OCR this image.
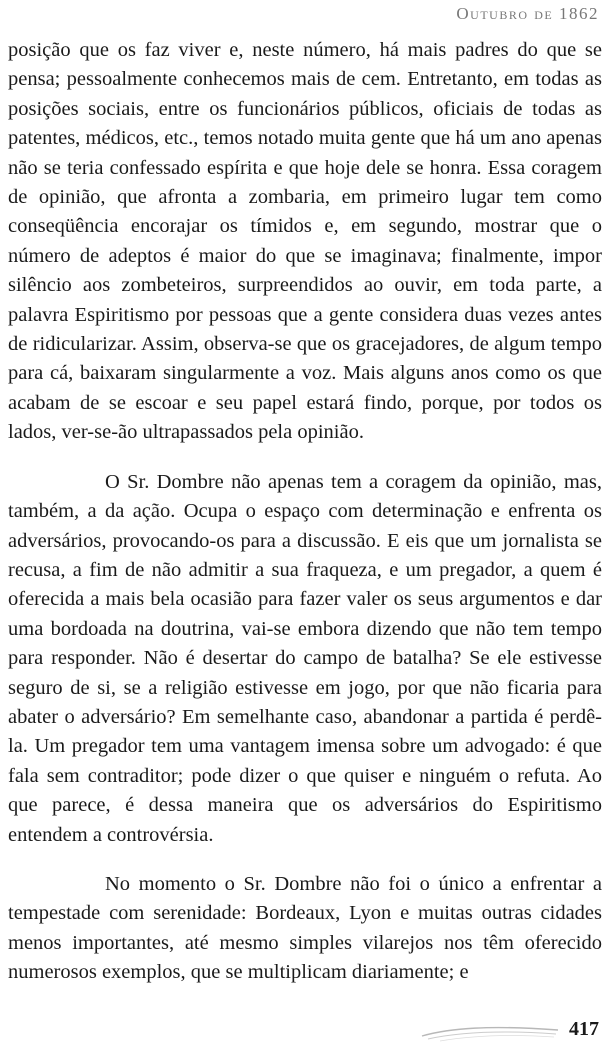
Outubro de 1862

posição que os faz viver e, neste número, há mais padres do que se pensa; pessoalmente conhecemos mais de cem. Entretanto, em todas as posições sociais, entre os funcionários públicos, oficiais de todas as patentes, médicos, etc., temos notado muita gente que há um ano apenas não se teria confessado espírita e que hoje dele se honra. Essa coragem de opinião, que afronta a zombaria, em primeiro lugar tem como conseqüência encorajar os tímidos e, em segundo, mostrar que o número de adeptos é maior do que se imaginava; finalmente, impor silêncio aos zombeteiros, surpreendidos ao ouvir, em toda parte, a palavra Espiritismo por pessoas que a gente considera duas vezes antes de ridicularizar. Assim, observa-se que os gracejadores, de algum tempo para cá, baixaram singularmente a voz. Mais alguns anos como os que acabam de se escoar e seu papel estará findo, porque, por todos os lados, ver-se-ão ultrapassados pela opinião.

O Sr. Dombre não apenas tem a coragem da opinião, mas, também, a da ação. Ocupa o espaço com determinação e enfrenta os adversários, provocando-os para a discussão. E eis que um jornalista se recusa, a fim de não admitir a sua fraqueza, e um pregador, a quem é oferecida a mais bela ocasião para fazer valer os seus argumentos e dar uma bordoada na doutrina, vai-se embora dizendo que não tem tempo para responder. Não é desertar do campo de batalha? Se ele estivesse seguro de si, se a religião estivesse em jogo, por que não ficaria para abater o adversário? Em semelhante caso, abandonar a partida é perdê-la. Um pregador tem uma vantagem imensa sobre um advogado: é que fala sem contraditor; pode dizer o que quiser e ninguém o refuta. Ao que parece, é dessa maneira que os adversários do Espiritismo entendem a controvérsia.

No momento o Sr. Dombre não foi o único a enfrentar a tempestade com serenidade: Bordeaux, Lyon e muitas outras cidades menos importantes, até mesmo simples vilarejos nos têm oferecido numerosos exemplos, que se multiplicam diariamente; e

417
